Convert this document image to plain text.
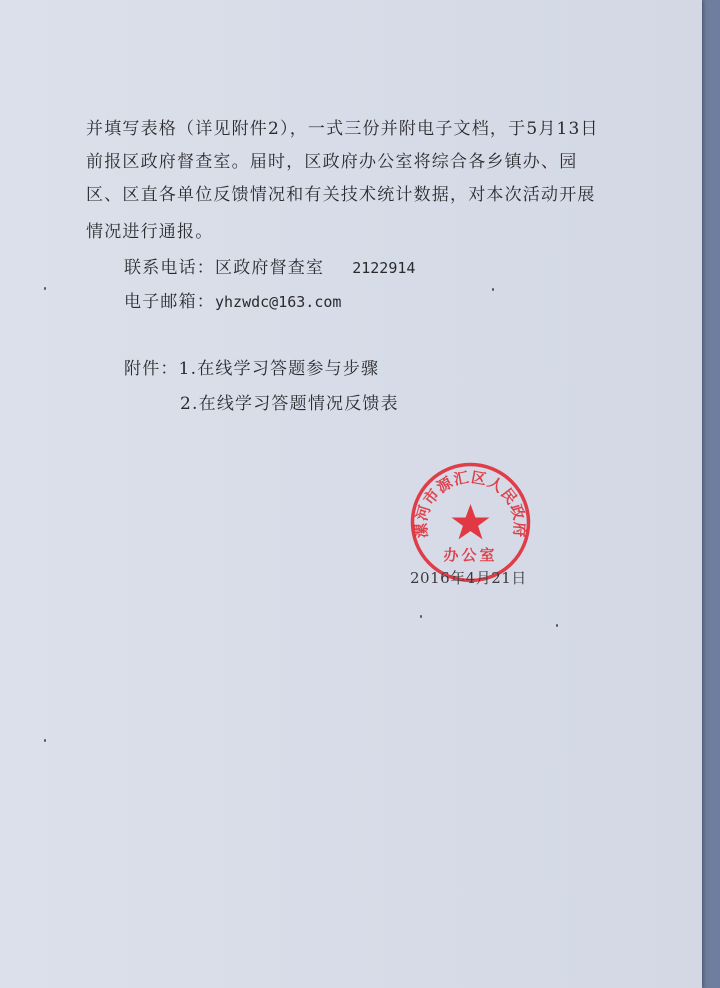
并填写表格（详见附件2），一式三份并附电子文档，于5月13日

前报区政府督查室。届时，区政府办公室将综合各乡镇办、园

区、区直各单位反馈情况和有关技术统计数据，对本次活动开展

情况进行通报。

联系电话：区政府督查室 2122914

电子邮箱：yhzwdc@163.com

附件：1.在线学习答题参与步骤

2.在线学习答题情况反馈表

漯河市源汇区人民政府
办公室
2016年4月21日
